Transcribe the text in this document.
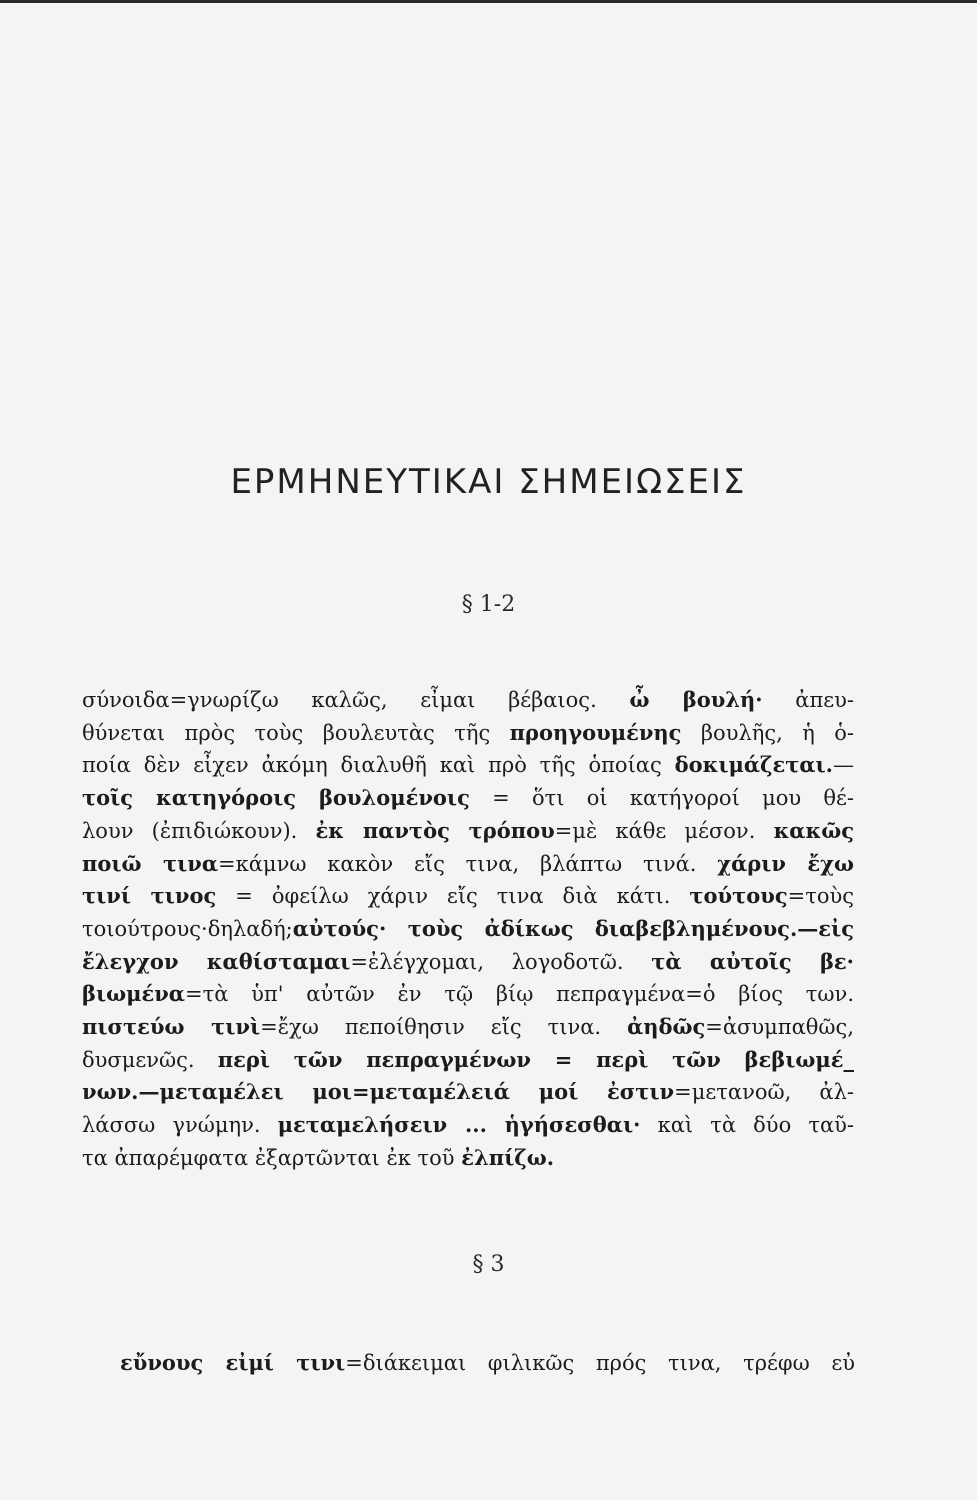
ΕΡΜΗΝΕΥΤΙΚΑΙ ΣΗΜΕΙΩΣΕΙΣ
§ 1-2
σύνοιδα=γνωρίζω καλῶς, εἶμαι βέβαιος. ὦ βουλή· ἀπευ-
θύνεται πρὸς τοὺς βουλευτὰς τῆς προηγουμένης βουλῆς, ἡ ὁ-
ποία δὲν εἶχεν ἀκόμη διαλυθῆ καὶ πρὸ τῆς ὁποίας δοκιμάζεται.—
τοῖς κατηγόροις βουλομένοις = ὅτι οἱ κατήγοροί μου θέ-
λουν (ἐπιδιώκουν). ἐκ παντὸς τρόπου=μὲ κάθε μέσον. κακῶς
ποιῶ τινα=κάμνω κακὸν εἴς τινα, βλάπτω τινά. χάριν ἔχω
τινί τινος = ὀφείλω χάριν εἴς τινα διὰ κάτι. τούτους=τοὺς
τοιούτρους·δηλαδή;αὐτούς· τοὺς ἀδίκως διαβεβλημένους.—εἰς
ἔλεγχον καθίσταμαι=ἐλέγχομαι, λογοδοτῶ. τὰ αὐτοῖς βε·
βιωμένα=τὰ ὑπ' αὐτῶν ἐν τῷ βίῳ πεπραγμένα=ὁ βίος των.
πιστεύω τινὶ=ἔχω πεποίθησιν εἴς τινα. ἀηδῶς=ἀσυμπαθῶς,
δυσμενῶς. περὶ τῶν πεπραγμένων = περὶ τῶν βεβιωμέ_
νων.—μεταμέλει μοι=μεταμέλειά μοί ἐστιν=μετανοῶ, ἀλ-
λάσσω γνώμην. μεταμελήσειν ... ἡγήσεσθαι· καὶ τὰ δύο ταῦ-
τα ἀπαρέμφατα ἐξαρτῶνται ἐκ τοῦ ἐλπίζω.
§ 3
εὔνους εἰμί τινι=διάκειμαι φιλικῶς πρός τινα, τρέφω εὐ
